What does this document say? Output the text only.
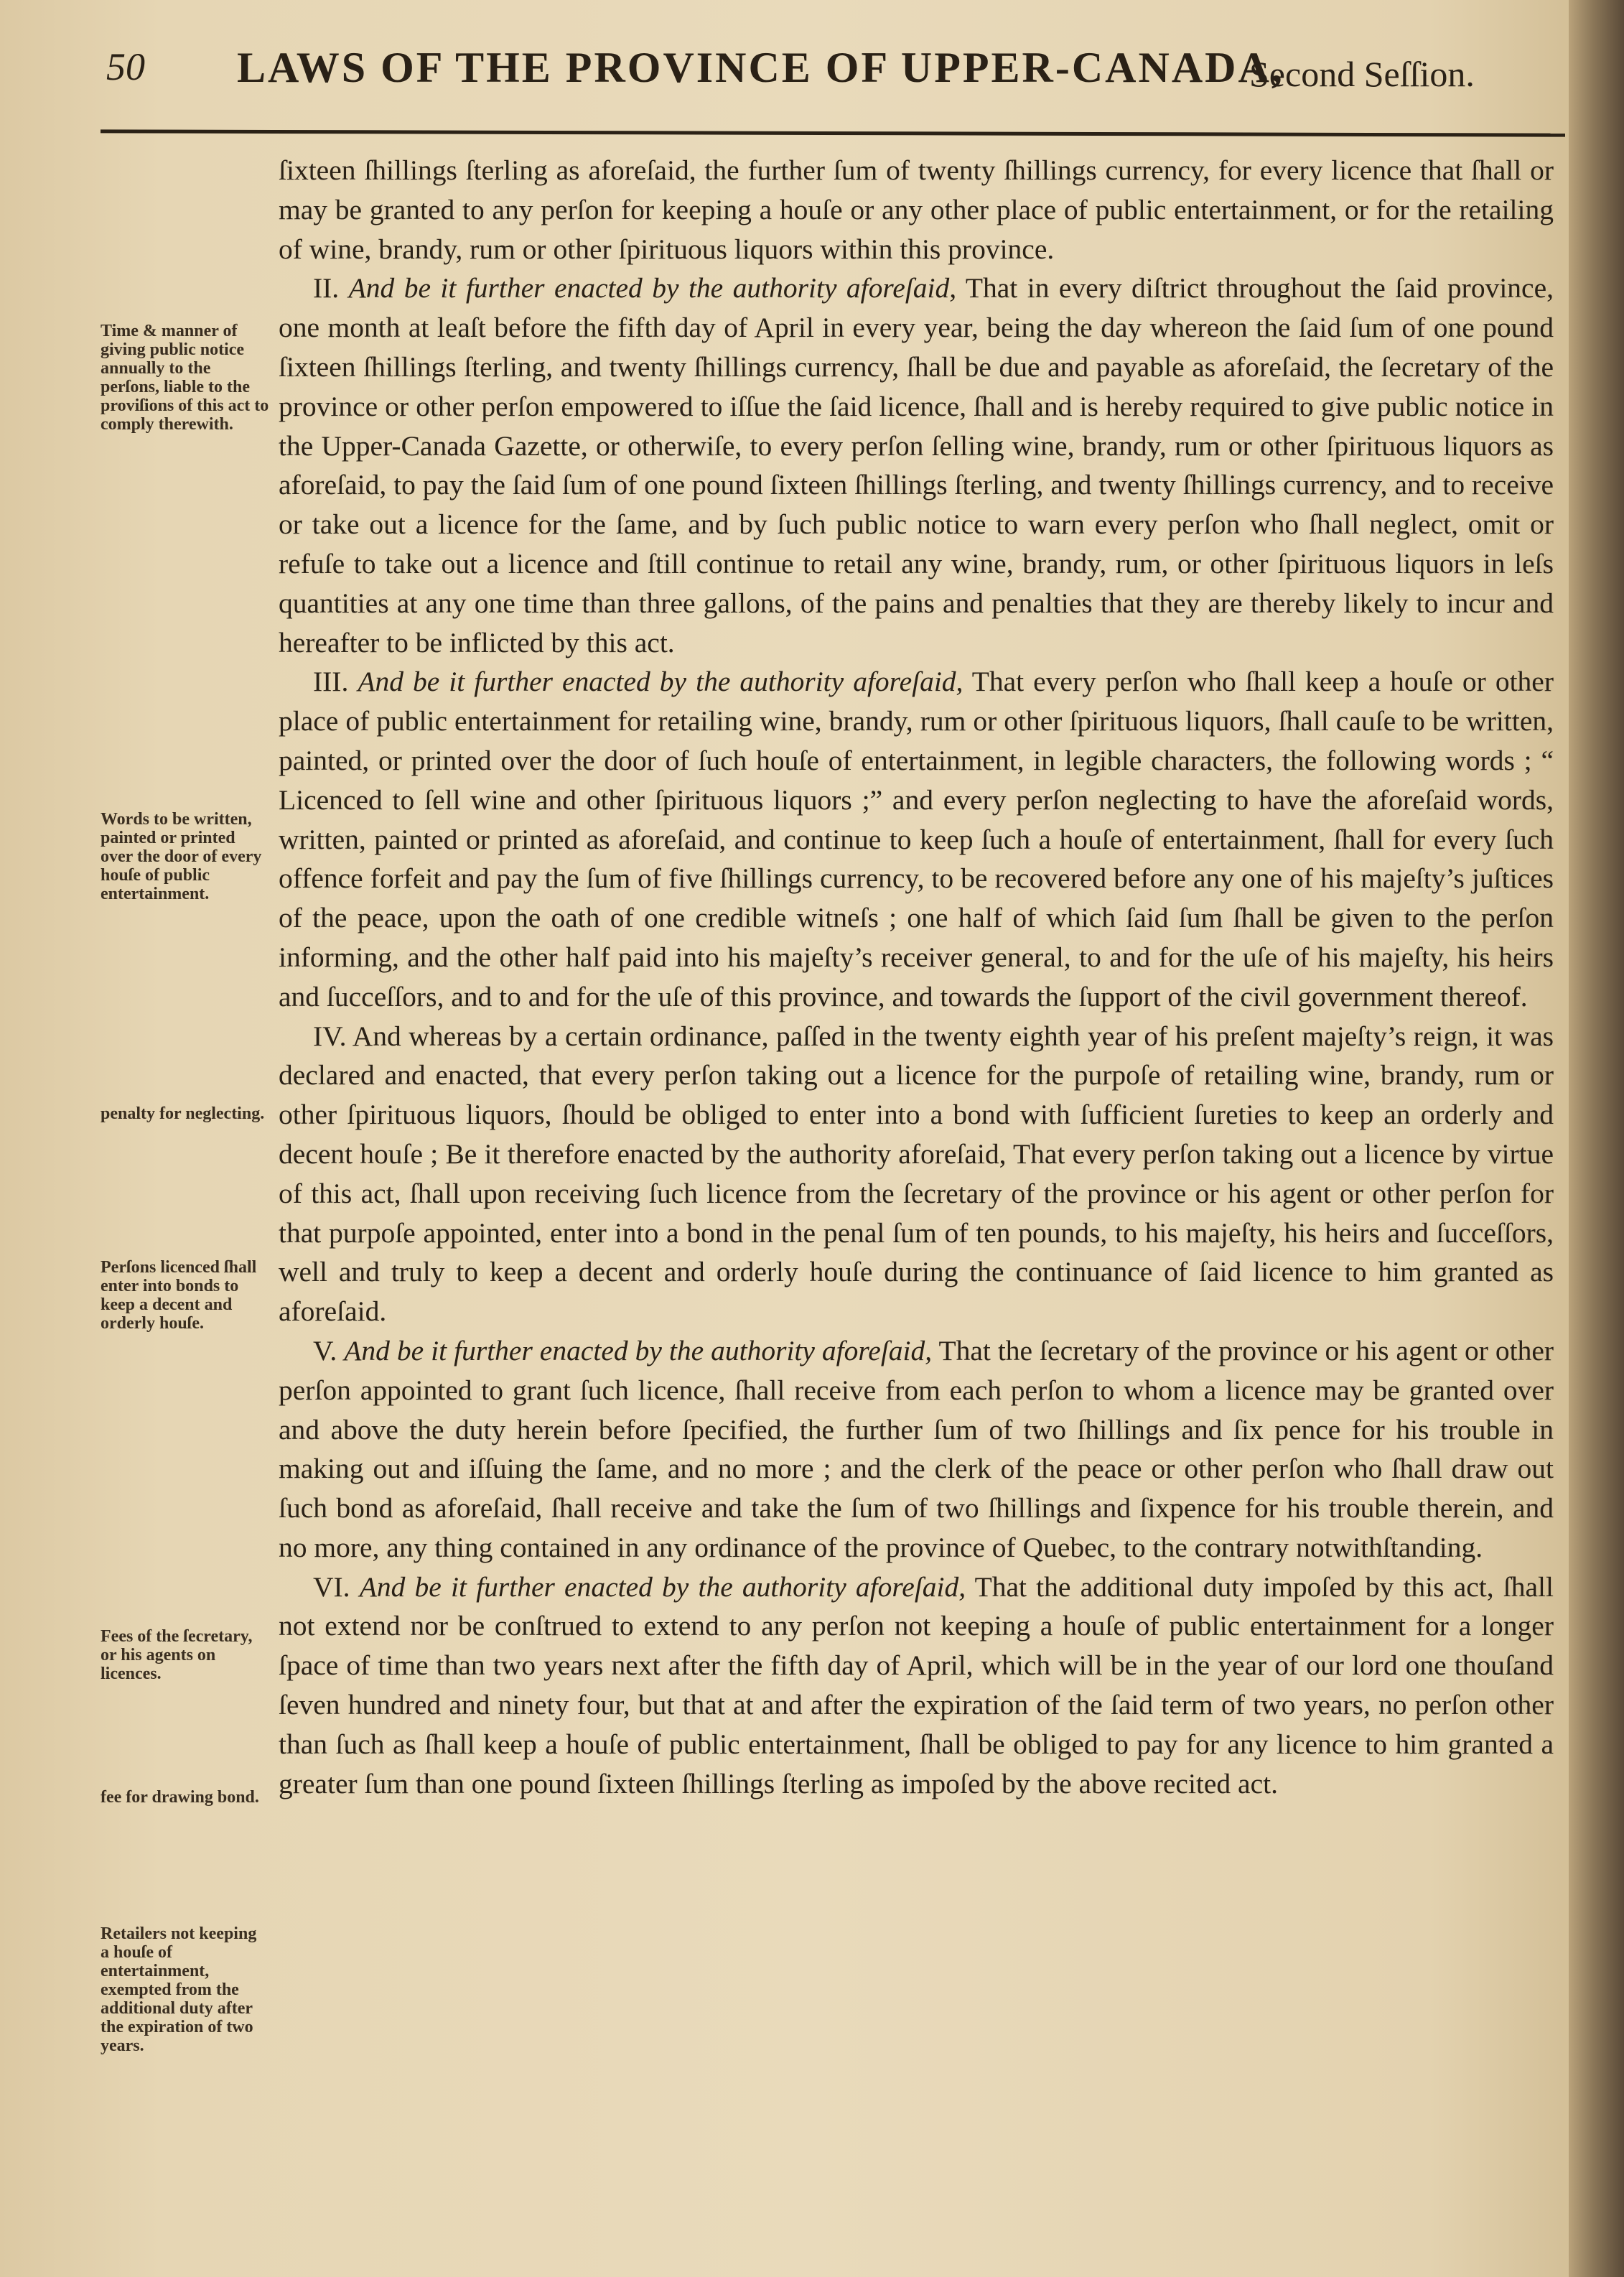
50 LAWS OF THE PROVINCE OF UPPER-CANADA,
Second Seſſion.

ſixteen ſhillings ſterling as aforeſaid, the further ſum of twenty ſhillings currency, for every licence that ſhall or may be granted to any perſon for keeping a houſe or any other place of public entertainment, or for the retailing of wine, brandy, rum or other ſpirituous liquors within this province.

II. And be it further enacted by the authority aforeſaid, That in every diſtrict throughout the ſaid province, one month at leaſt before the fifth day of April in every year, being the day whereon the ſaid ſum of one pound ſixteen ſhillings ſterling, and twenty ſhillings currency, ſhall be due and payable as aforeſaid, the ſecretary of the province or other perſon empowered to iſſue the ſaid licence, ſhall and is hereby required to give public notice in the Upper-Canada Gazette, or otherwiſe, to every perſon ſelling wine, brandy, rum or other ſpirituous liquors as aforeſaid, to pay the ſaid ſum of one pound ſixteen ſhillings ſterling, and twenty ſhillings currency, and to receive or take out a licence for the ſame, and by ſuch public notice to warn every perſon who ſhall neglect, omit or refuſe to take out a licence and ſtill continue to retail any wine, brandy, rum, or other ſpirituous liquors in leſs quantities at any one time than three gallons, of the pains and penalties that they are thereby likely to incur and hereafter to be inflicted by this act.

III. And be it further enacted by the authority aforeſaid, That every perſon who ſhall keep a houſe or other place of public entertainment for retailing wine, brandy, rum or other ſpirituous liquors, ſhall cauſe to be written, painted, or printed over the door of ſuch houſe of entertainment, in legible characters, the following words ; “ Licenced to ſell wine and other ſpirituous liquors ;” and every perſon neglecting to have the aforeſaid words, written, painted or printed as aforeſaid, and continue to keep ſuch a houſe of entertainment, ſhall for every ſuch offence forfeit and pay the ſum of five ſhillings currency, to be recovered before any one of his majeſty’s juſtices of the peace, upon the oath of one credible witneſs ; one half of which ſaid ſum ſhall be given to the perſon informing, and the other half paid into his majeſty’s receiver general, to and for the uſe of his majeſty, his heirs and ſucceſſors, and to and for the uſe of this province, and towards the ſupport of the civil government thereof.

IV. And whereas by a certain ordinance, paſſed in the twenty eighth year of his preſent majeſty’s reign, it was declared and enacted, that every perſon taking out a licence for the purpoſe of retailing wine, brandy, rum or other ſpirituous liquors, ſhould be obliged to enter into a bond with ſufficient ſureties to keep an orderly and decent houſe ; Be it therefore enacted by the authority aforeſaid, That every perſon taking out a licence by virtue of this act, ſhall upon receiving ſuch licence from the ſecretary of the province or his agent or other perſon for that purpoſe appointed, enter into a bond in the penal ſum of ten pounds, to his majeſty, his heirs and ſucceſſors, well and truly to keep a decent and orderly houſe during the continuance of ſaid licence to him granted as aforeſaid.

V. And be it further enacted by the authority aforeſaid, That the ſecretary of the province or his agent or other perſon appointed to grant ſuch licence, ſhall receive from each perſon to whom a licence may be granted over and above the duty herein before ſpecified, the further ſum of two ſhillings and ſix pence for his trouble in making out and iſſuing the ſame, and no more ; and the clerk of the peace or other perſon who ſhall draw out ſuch bond as aforeſaid, ſhall receive and take the ſum of two ſhillings and ſixpence for his trouble therein, and no more, any thing contained in any ordinance of the province of Quebec, to the contrary notwithſtanding.

VI. And be it further enacted by the authority aforeſaid, That the additional duty impoſed by this act, ſhall not extend nor be conſtrued to extend to any perſon not keeping a houſe of public entertainment for a longer ſpace of time than two years next after the fifth day of April, which will be in the year of our lord one thouſand ſeven hundred and ninety four, but that at and after the expiration of the ſaid term of two years, no perſon other than ſuch as ſhall keep a houſe of public entertainment, ſhall be obliged to pay for any licence to him granted a greater ſum than one pound ſixteen ſhillings ſterling as impoſed by the above recited act.

Time & manner of giving public notice annually to the perſons, liable to the proviſions of this act to comply therewith.
Words to be written, painted or printed over the door of every houſe of public entertainment.
penalty for neglecting.
Perſons licenced ſhall enter into bonds to keep a decent and orderly houſe.
Fees of the ſecretary, or his agents on licences.
fee for drawing bond.
Retailers not keeping a houſe of entertainment, exempted from the additional duty after the expiration of two years.
